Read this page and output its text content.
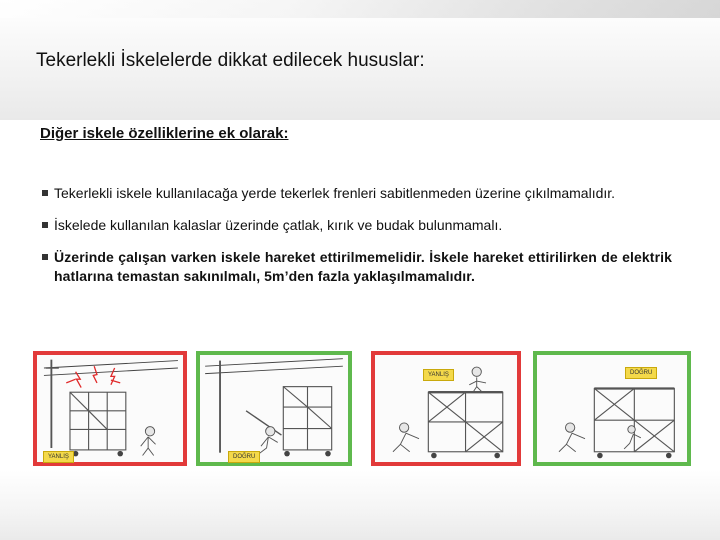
Tekerlekli İskelelerde dikkat edilecek hususlar:
Diğer iskele özelliklerine ek olarak:
Tekerlekli iskele kullanılacağa yerde tekerlek frenleri sabitlenmeden üzerine çıkılmamalıdır.
İskelede kullanılan kalaslar üzerinde çatlak, kırık ve budak bulunmamalı.
Üzerinde çalışan varken iskele hareket ettirilmemelidir. İskele hareket ettirilirken de elektrik hatlarına temastan sakınılmalı, 5m’den fazla yaklaşılmamalıdır.
YANLIŞ	DOĞRU
YANLIŞ	DOĞRU
